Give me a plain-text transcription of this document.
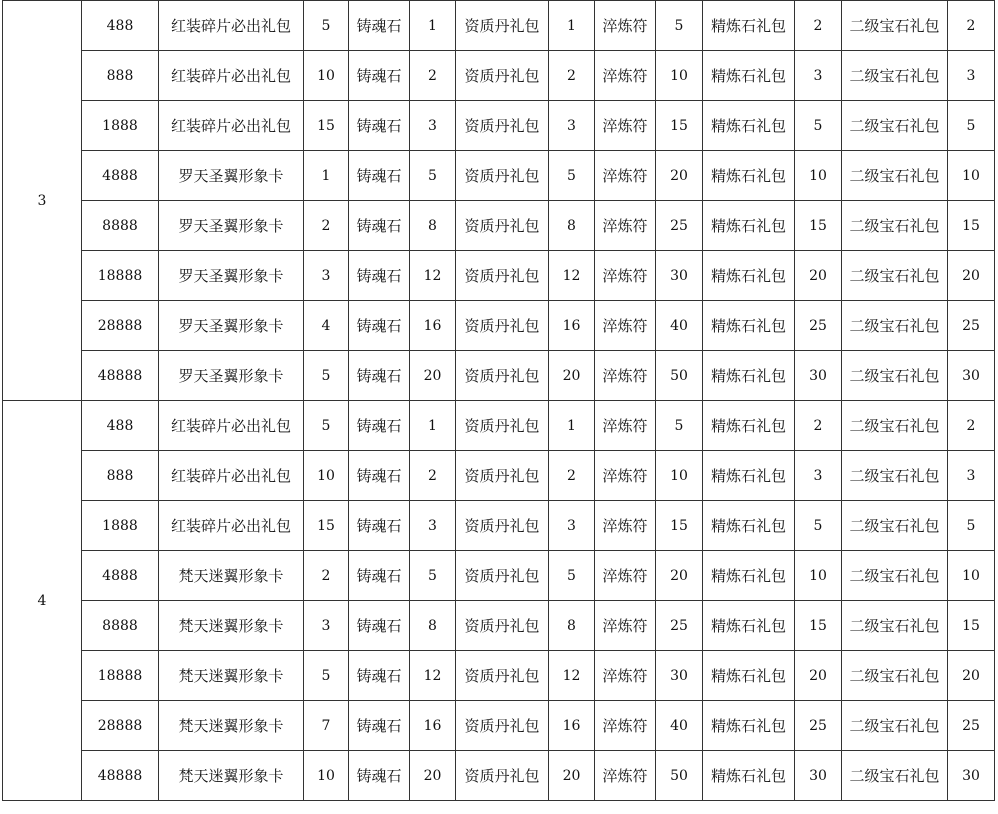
3	488	红装碎片必出礼包	5	铸魂石	1	资质丹礼包	1	淬炼符	5	精炼石礼包	2	二级宝石礼包	2
	888	红装碎片必出礼包	10	铸魂石	2	资质丹礼包	2	淬炼符	10	精炼石礼包	3	二级宝石礼包	3
	1888	红装碎片必出礼包	15	铸魂石	3	资质丹礼包	3	淬炼符	15	精炼石礼包	5	二级宝石礼包	5
	4888	罗天圣翼形象卡	1	铸魂石	5	资质丹礼包	5	淬炼符	20	精炼石礼包	10	二级宝石礼包	10
	8888	罗天圣翼形象卡	2	铸魂石	8	资质丹礼包	8	淬炼符	25	精炼石礼包	15	二级宝石礼包	15
	18888	罗天圣翼形象卡	3	铸魂石	12	资质丹礼包	12	淬炼符	30	精炼石礼包	20	二级宝石礼包	20
	28888	罗天圣翼形象卡	4	铸魂石	16	资质丹礼包	16	淬炼符	40	精炼石礼包	25	二级宝石礼包	25
	48888	罗天圣翼形象卡	5	铸魂石	20	资质丹礼包	20	淬炼符	50	精炼石礼包	30	二级宝石礼包	30
4	488	红装碎片必出礼包	5	铸魂石	1	资质丹礼包	1	淬炼符	5	精炼石礼包	2	二级宝石礼包	2
	888	红装碎片必出礼包	10	铸魂石	2	资质丹礼包	2	淬炼符	10	精炼石礼包	3	二级宝石礼包	3
	1888	红装碎片必出礼包	15	铸魂石	3	资质丹礼包	3	淬炼符	15	精炼石礼包	5	二级宝石礼包	5
	4888	梵天迷翼形象卡	2	铸魂石	5	资质丹礼包	5	淬炼符	20	精炼石礼包	10	二级宝石礼包	10
	8888	梵天迷翼形象卡	3	铸魂石	8	资质丹礼包	8	淬炼符	25	精炼石礼包	15	二级宝石礼包	15
	18888	梵天迷翼形象卡	5	铸魂石	12	资质丹礼包	12	淬炼符	30	精炼石礼包	20	二级宝石礼包	20
	28888	梵天迷翼形象卡	7	铸魂石	16	资质丹礼包	16	淬炼符	40	精炼石礼包	25	二级宝石礼包	25
	48888	梵天迷翼形象卡	10	铸魂石	20	资质丹礼包	20	淬炼符	50	精炼石礼包	30	二级宝石礼包	30
